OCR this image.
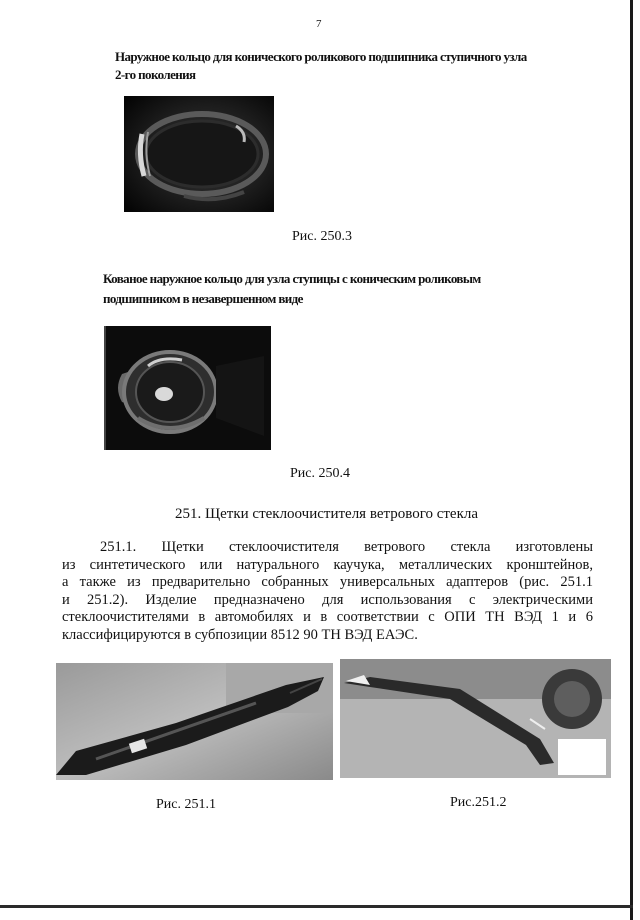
7
Наружное кольцо для конического роликового подшипника ступичного узла
2-го поколения
Рис. 250.3
Кованое наружное кольцо для узла ступицы с коническим роликовым
подшипником в незавершенном виде
Рис. 250.4
251. Щетки стеклоочистителя ветрового стекла
251.1. Щетки стеклоочистителя ветрового стекла изготовлены
из синтетического или натурального каучука, металлических кронштейнов,
а также из предварительно собранных универсальных адаптеров (рис. 251.1
и 251.2). Изделие предназначено для использования с электрическими
стеклоочистителями в автомобилях и в соответствии с ОПИ ТН ВЭД 1 и 6
классифицируются в субпозиции 8512 90 ТН ВЭД ЕАЭС.
Рис. 251.1	Рис.251.2
